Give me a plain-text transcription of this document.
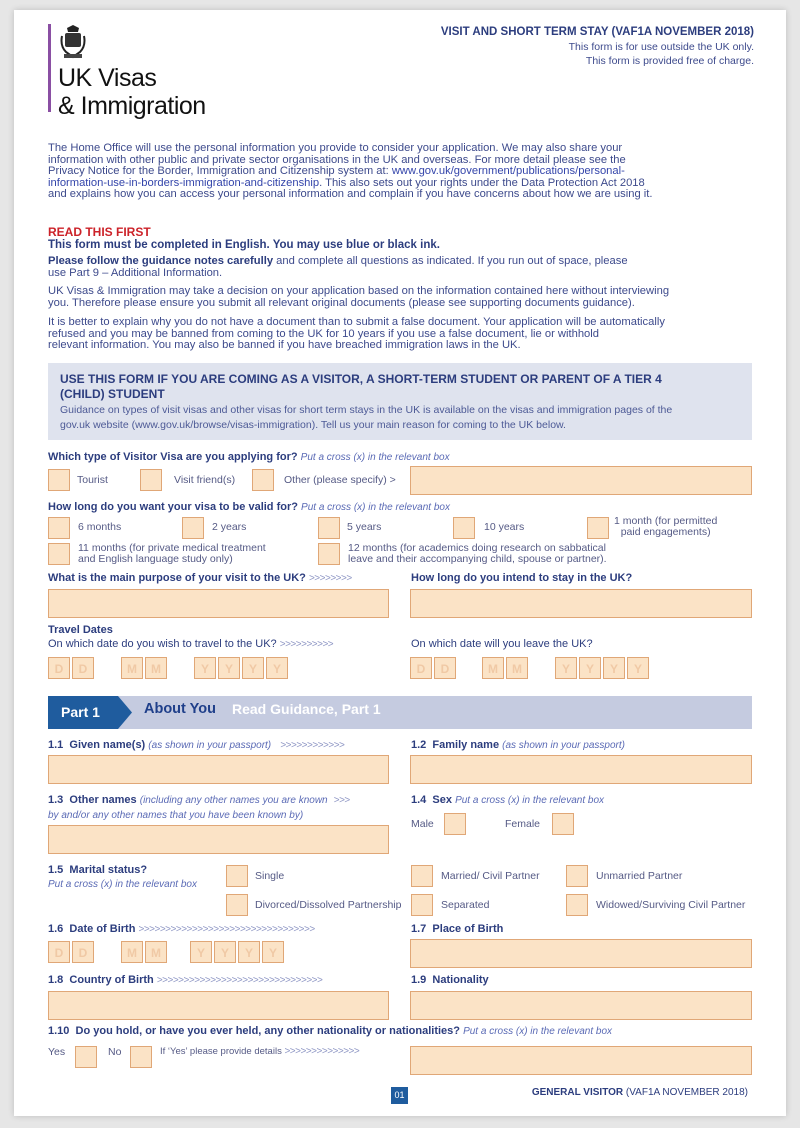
UK Visas
& Immigration
VISIT AND SHORT TERM STAY (VAF1A NOVEMBER 2018)
This form is for use outside the UK only.
This form is provided free of charge.
The Home Office will use the personal information you provide to consider your application. We may also share your
information with other public and private sector organisations in the UK and overseas. For more detail please see the
Privacy Notice for the Border, Immigration and Citizenship system at: www.gov.uk/government/publications/personal-
information-use-in-borders-immigration-and-citizenship. This also sets out your rights under the Data Protection Act 2018
and explains how you can access your personal information and complain if you have concerns about how we are using it.
READ THIS FIRST
This form must be completed in English. You may use blue or black ink.
Please follow the guidance notes carefully and complete all questions as indicated. If you run out of space, please
use Part 9 – Additional Information.
UK Visas & Immigration may take a decision on your application based on the information contained here without interviewing
you. Therefore please ensure you submit all relevant original documents (please see supporting documents guidance).
It is better to explain why you do not have a document than to submit a false document. Your application will be automatically
refused and you may be banned from coming to the UK for 10 years if you use a false document, lie or withhold
relevant information. You may also be banned if you have breached immigration laws in the UK.
USE THIS FORM IF YOU ARE COMING AS A VISITOR, A SHORT-TERM STUDENT OR PARENT OF A TIER 4
(CHILD) STUDENT
Guidance on types of visit visas and other visas for short term stays in the UK is available on the visas and immigration pages of the
gov.uk website (www.gov.uk/browse/visas-immigration). Tell us your main reason for coming to the UK below.
Which type of Visitor Visa are you applying for? Put a cross (x) in the relevant box
Tourist	Visit friend(s)	Other (please specify) >
How long do you want your visa to be valid for? Put a cross (x) in the relevant box
6 months	2 years	5 years	10 years	1 month (for permitted
paid engagements)
11 months (for private medical treatment
and English language study only)
12 months (for academics doing research on sabbatical
leave and their accompanying child, spouse or partner).
What is the main purpose of your visit to the UK? >>>>>>>>	How long do you intend to stay in the UK?
Travel Dates
On which date do you wish to travel to the UK? >>>>>>>>>>	On which date will you leave the UK?
D	D	M	M	Y	Y	Y	Y	D	D	M	M	Y	Y	Y	Y
Part 1	About You Read Guidance, Part 1
1.1 Given name(s) (as shown in your passport) >>>>>>>>>>>>	1.2 Family name (as shown in your passport)
1.3 Other names (including any other names you are known >>>
by and/or any other names that you have been known by)
1.4 Sex Put a cross (x) in the relevant box
Male	Female
1.5 Marital status?
Put a cross (x) in the relevant box
Single	Married/ Civil Partner	Unmarried Partner
Divorced/Dissolved Partnership	Separated	Widowed/Surviving Civil Partner
1.6 Date of Birth >>>>>>>>>>>>>>>>>>>>>>>>>>>>>>>>>	1.7 Place of Birth
D	D	M	M	Y	Y	Y	Y
1.8 Country of Birth >>>>>>>>>>>>>>>>>>>>>>>>>>>>>>>	1.9 Nationality
1.10 Do you hold, or have you ever held, any other nationality or nationalities? Put a cross (x) in the relevant box
Yes	No	If ‘Yes’ please provide details >>>>>>>>>>>>>>
01	GENERAL VISITOR (VAF1A NOVEMBER 2018)
